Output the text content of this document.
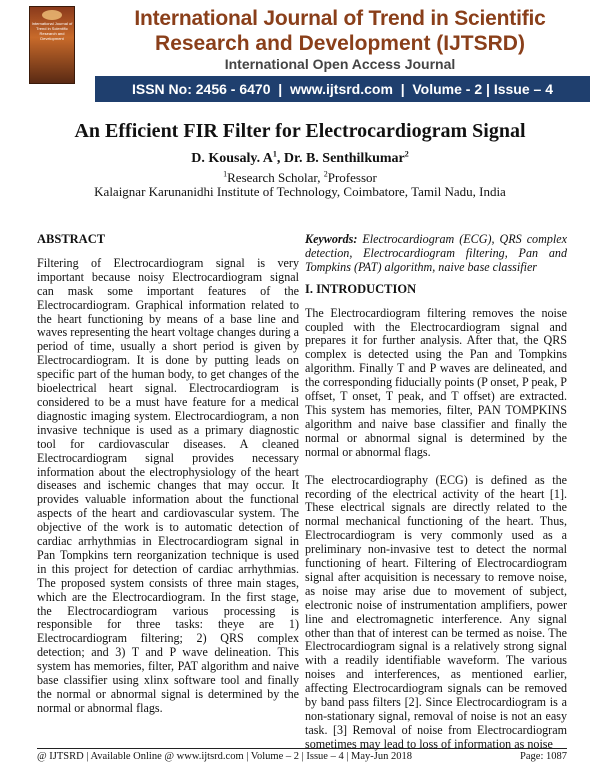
International Journal of Trend in Scientific Research and Development
International Journal of Trend in Scientific
Research and Development (IJTSRD)
International Open Access Journal
ISSN No: 2456 - 6470  |  www.ijtsrd.com  |  Volume - 2 | Issue – 4
An Efficient FIR Filter for Electrocardiogram Signal
D. Kousaly. $A^1$, Dr. B. Senthilkumar$^2$
$^1$Research Scholar, $^2$Professor
Kalaignar Karunanidhi Institute of Technology, Coimbatore, Tamil Nadu, India
ABSTRACT

Filtering of Electrocardiogram signal is very important because noisy Electrocardiogram signal can mask some important features of the Electrocardiogram. Graphical information related to the heart functioning by means of a base line and waves representing the heart voltage changes during a period of time, usually a short period is given by Electrocardiogram. It is done by putting leads on specific part of the human body, to get changes of the bioelectrical heart signal. Electrocardiogram is considered to be a must have feature for a medical diagnostic imaging system. Electrocardiogram, a non invasive technique is used as a primary diagnostic tool for cardiovascular diseases. A cleaned Electrocardiogram signal provides necessary information about the electrophysiology of the heart diseases and ischemic changes that may occur. It provides valuable information about the functional aspects of the heart and cardiovascular system. The objective of the work is to automatic detection of cardiac arrhythmias in Electrocardiogram signal in Pan Tompkins tern reorganization technique is used in this project for detection of cardiac arrhythmias. The proposed system consists of three main stages, which are the Electrocardiogram. In the first stage, the Electrocardiogram various processing is responsible for three tasks: theye are 1) Electrocardiogram filtering; 2) QRS complex detection; and 3) T and P wave delineation. This system has memories, filter, PAT algorithm and naive base classifier using xlinx software tool and finally the normal or abnormal signal is determined by the normal or abnormal flags.

Keywords: Electrocardiogram (ECG), QRS complex detection, Electrocardiogram filtering, Pan and Tompkins (PAT) algorithm, naive base classifier

I. INTRODUCTION

The Electrocardiogram filtering removes the noise coupled with the Electrocardiogram signal and prepares it for further analysis. After that, the QRS complex is detected using the Pan and Tompkins algorithm. Finally T and P waves are delineated, and the corresponding fiducially points (P onset, P peak, P offset, T onset, T peak, and T offset) are extracted. This system has memories, filter, PAN TOMPKINS algorithm and naive base classifier and finally the normal or abnormal signal is determined by the normal or abnormal flags.

The electrocardiography (ECG) is defined as the recording of the electrical activity of the heart [1]. These electrical signals are directly related to the normal mechanical functioning of the heart. Thus, Electrocardiogram is very commonly used as a preliminary non-invasive test to detect the normal functioning of heart. Filtering of Electrocardiogram signal after acquisition is necessary to remove noise, as noise may arise due to movement of subject, electronic noise of instrumentation amplifiers, power line and electromagnetic interference. Any signal other than that of interest can be termed as noise. The Electrocardiogram signal is a relatively strong signal with a readily identifiable waveform. The various noises and interferences, as mentioned earlier, affecting Electrocardiogram signals can be removed by band pass filters [2]. Since Electrocardiogram is a non-stationary signal, removal of noise is not an easy task. [3] Removal of noise from Electrocardiogram sometimes may lead to loss of information as noise

@ IJTSRD | Available Online @ www.ijtsrd.com | Volume – 2 | Issue – 4 | May-Jun 2018	Page: 1087
